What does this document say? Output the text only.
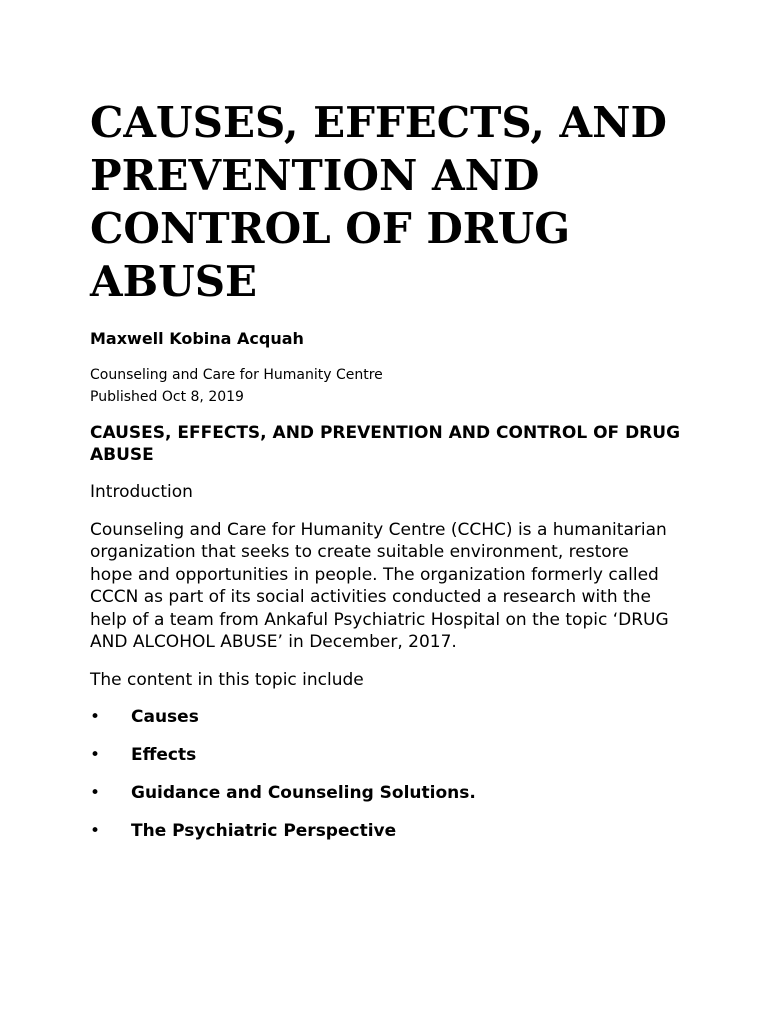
CAUSES, EFFECTS, AND PREVENTION AND CONTROL OF DRUG ABUSE
Maxwell Kobina Acquah
Counseling and Care for Humanity Centre
Published Oct 8, 2019
CAUSES, EFFECTS, AND PREVENTION AND CONTROL OF DRUG ABUSE
Introduction
Counseling and Care for Humanity Centre (CCHC) is a humanitarian organization that seeks to create suitable environment, restore hope and opportunities in people. The organization formerly called CCCN as part of its social activities conducted a research with the help of a team from Ankaful Psychiatric Hospital on the topic ‘DRUG AND ALCOHOL ABUSE’ in December, 2017.
The content in this topic include
•	Causes
•	Effects
•	Guidance and Counseling Solutions.
•	The Psychiatric Perspective
